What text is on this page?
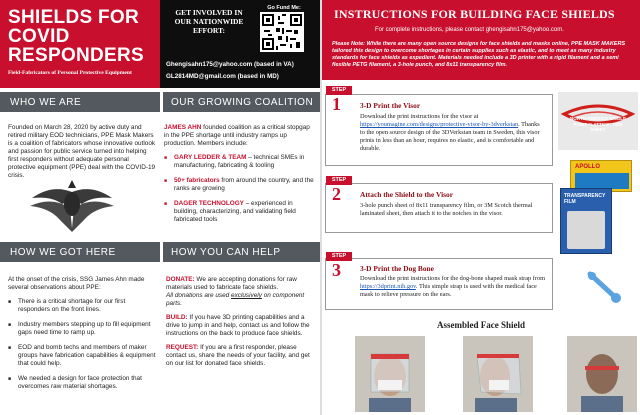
SHIELDS FOR
COVID
RESPONDERS
Field-Fabricators of Personal Protective Equipment
GET INVOLVED IN OUR NATIONWIDE EFFORT:
Go Fund Me:
Ghengisahn175@yahoo.com (based in VA)
GL2814MD@gmail.com (based in MD)
WHO WE ARE	OUR GROWING COALITION

Founded on March 28, 2020 by active duty and retired military EOD technicians, PPE Mask Makers is a coalition of fabricators whose innovative outlook and passion for public service turned into helping first responders without adequate personal protective equipment (PPE) deal with the COVID-19 crisis.

JAMES AHN founded coalition as a critical stopgap in the PPE shortage until industry ramps up production. Members include:

■ GARY LEDDER & TEAM – technical SMEs in manufacturing, fabricating & tooling
■ 50+ fabricators from around the country, and the ranks are growing
■ DAGER TECHNOLOGY – experienced in building, characterizing, and validating field fabricated tools
HOW WE GOT HERE	HOW YOU CAN HELP

At the onset of the crisis, SSG James Ahn made several observations about PPE:

■ There is a critical shortage for our first responders on the front lines.
■ Industry members stepping up to fill equipment gaps need time to ramp up.
■ EOD and bomb techs and members of maker groups have fabrication capabilities & equipment that could help.
■ We needed a design for face protection that overcomes raw material shortages.

DONATE: We are accepting donations for raw materials used to fabricate face shields.
All donations are used exclusively on component parts.

BUILD: If you have 3D printing capabilities and a drive to jump in and help, contact us and follow the instructions on the back to produce face shields.

REQUEST: If you are a first responder, please contact us, share the needs of your facility, and get on our list for donated face shields.

INSTRUCTIONS FOR BUILDING FACE SHIELDS
For complete instructions, please contact ghengisahn175@yahoo.com.
Please Note: While there are many open source designs for face shields and masks online, PPE MASK MAKERS tailored this design to overcome shortages in certain supplies such as elastic, and to meet as many industry standards for face shields as expedient. Materials needed include a 3D printer with a rigid filament and a semi flexible PETG filament, a 3-hole punch, and 8x11 transparency film.
3-D Print the Visor
Download the print instructions for the visor at https://youmagine.com/designs/protective-visor-by-3dverkstan. Thanks to the open source design of the 3DVerkstan team in Sweden, this visor prints in less than an hour, requires no elastic, and is comfortable and durable.
STEP
1
Attach the Shield to the Visor
3-hole punch sheet of 8x11 transparency film, or 3M Scotch thermal laminated sheet, then attach it to the notches in the visor.
STEP
2
3-D Print the Dog Bone
Download the print instructions for the dog-bone shaped mask strap from https://3dprint.nih.gov. This simple strap is used with the medical face mask to relieve pressure on the ears.
STEP
3
NORTH AMERICA SINGLE POINT "LATTICE" SIZE SHEET
APOLLO
TRANSPARENCY FILM
Assembled Face Shield
